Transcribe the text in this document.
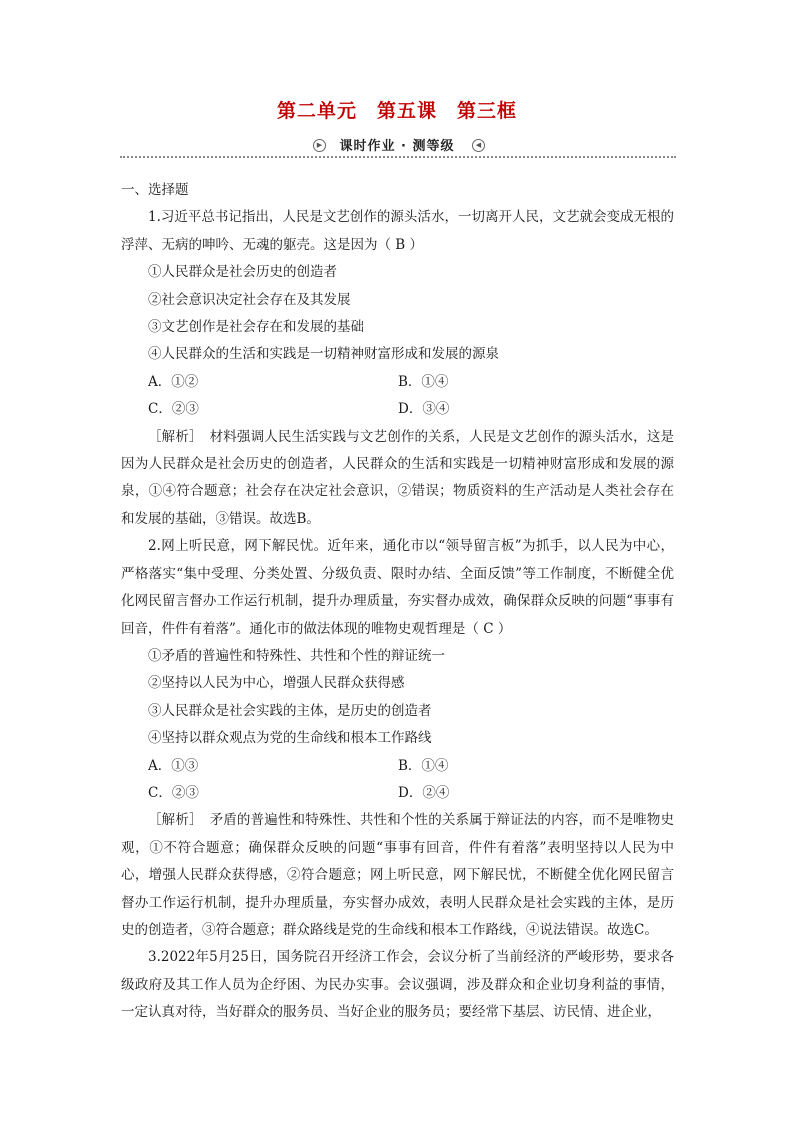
第二单元　第五课　第三框
▶	课时作业 · 测等级	◀

一、选择题

1.习近平总书记指出，人民是文艺创作的源头活水，一切离开人民，文艺就会变成无根的浮萍、无病的呻吟、无魂的躯壳。这是因为（ B ）

①人民群众是社会历史的创造者

②社会意识决定社会存在及其发展

③文艺创作是社会存在和发展的基础

④人民群众的生活和实践是一切精神财富形成和发展的源泉

A．①②	B．①④
C．②③	D．③④

［解析］　材料强调人民生活实践与文艺创作的关系，人民是文艺创作的源头活水，这是因为人民群众是社会历史的创造者，人民群众的生活和实践是一切精神财富形成和发展的源泉，①④符合题意；社会存在决定社会意识，②错误；物质资料的生产活动是人类社会存在和发展的基础，③错误。故选B。

2.网上听民意，网下解民忧。近年来，通化市以“领导留言板”为抓手，以人民为中心，严格落实“集中受理、分类处置、分级负责、限时办结、全面反馈”等工作制度，不断健全优化网民留言督办工作运行机制，提升办理质量，夯实督办成效，确保群众反映的问题“事事有回音，件件有着落”。通化市的做法体现的唯物史观哲理是（ C ）

①矛盾的普遍性和特殊性、共性和个性的辩证统一

②坚持以人民为中心，增强人民群众获得感

③人民群众是社会实践的主体，是历史的创造者

④坚持以群众观点为党的生命线和根本工作路线

A．①③	B．①④
C．②③	D．②④

［解析］　矛盾的普遍性和特殊性、共性和个性的关系属于辩证法的内容，而不是唯物史观，①不符合题意；确保群众反映的问题“事事有回音，件件有着落”表明坚持以人民为中心，增强人民群众获得感，②符合题意；网上听民意，网下解民忧，不断健全优化网民留言督办工作运行机制，提升办理质量，夯实督办成效，表明人民群众是社会实践的主体，是历史的创造者，③符合题意；群众路线是党的生命线和根本工作路线，④说法错误。故选C。

3.2022年5月25日，国务院召开经济工作会，会议分析了当前经济的严峻形势，要求各级政府及其工作人员为企纾困、为民办实事。会议强调，涉及群众和企业切身利益的事情，一定认真对待，当好群众的服务员、当好企业的服务员；要经常下基层、访民情、进企业，
